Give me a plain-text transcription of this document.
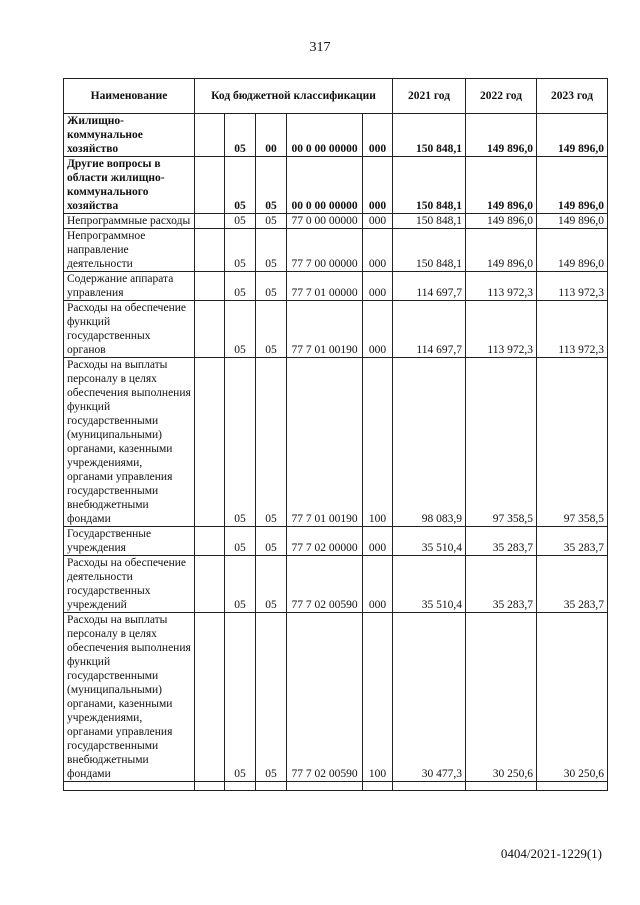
317
Наименование	Код бюджетной классификации					2021 год	2022 год	2023 год
Жилищно-коммунальное хозяйство		05	00	00 0 00 00000	000	150 848,1	149 896,0	149 896,0
Другие вопросы в области жилищно-коммунального хозяйства		05	05	00 0 00 00000	000	150 848,1	149 896,0	149 896,0
Непрограммные расходы		05	05	77 0 00 00000	000	150 848,1	149 896,0	149 896,0
Непрограммное направление деятельности		05	05	77 7 00 00000	000	150 848,1	149 896,0	149 896,0
Содержание аппарата управления		05	05	77 7 01 00000	000	114 697,7	113 972,3	113 972,3
Расходы на обеспечение функций государственных органов		05	05	77 7 01 00190	000	114 697,7	113 972,3	113 972,3
Расходы на выплаты персоналу в целях обеспечения выполнения функций государственными (муниципальными) органами, казенными учреждениями, органами управления государственными внебюджетными фондами		05	05	77 7 01 00190	100	98 083,9	97 358,5	97 358,5
Государственные учреждения		05	05	77 7 02 00000	000	35 510,4	35 283,7	35 283,7
Расходы на обеспечение деятельности государственных учреждений		05	05	77 7 02 00590	000	35 510,4	35 283,7	35 283,7
Расходы на выплаты персоналу в целях обеспечения выполнения функций государственными (муниципальными) органами, казенными учреждениями, органами управления государственными внебюджетными фондами		05	05	77 7 02 00590	100	30 477,3	30 250,6	30 250,6

0404/2021-1229(1)
